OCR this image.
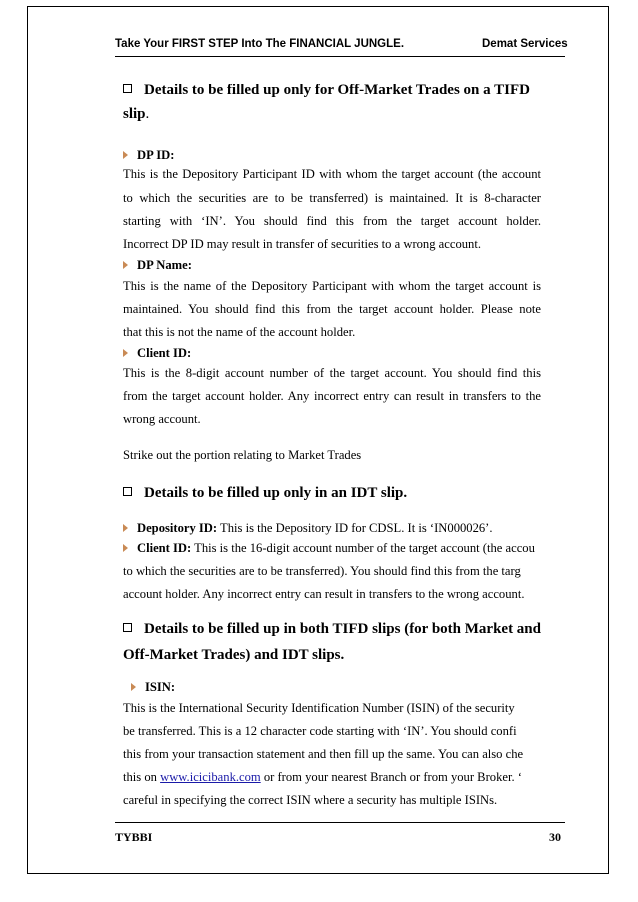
Take Your FIRST STEP Into The FINANCIAL JUNGLE.	Demat Services
Details to be filled up only for Off-Market Trades on a TIFD
slip.
DP ID:
This is the Depository Participant ID with whom the target account (the account
to which the securities are to be transferred) is maintained. It is 8-character
starting with ‘IN’. You should find this from the target account holder.
Incorrect DP ID may result in transfer of securities to a wrong account.
DP Name:
This is the name of the Depository Participant with whom the target account is
maintained. You should find this from the target account holder. Please note
that this is not the name of the account holder.
Client ID:
This is the 8-digit account number of the target account. You should find this
from the target account holder. Any incorrect entry can result in transfers to the
wrong account.
Strike out the portion relating to Market Trades
Details to be filled up only in an IDT slip.
Depository ID: This is the Depository ID for CDSL. It is ‘IN000026’.
Client ID: This is the 16-digit account number of the target account (the accou
to which the securities are to be transferred). You should find this from the targ
account holder. Any incorrect entry can result in transfers to the wrong account.
Details to be filled up in both TIFD slips (for both Market and
Off-Market Trades) and IDT slips.
ISIN:
This is the International Security Identification Number (ISIN) of the security
be transferred. This is a 12 character code starting with ‘IN’. You should confi
this from your transaction statement and then fill up the same. You can also che
this on www.icicibank.com or from your nearest Branch or from your Broker. ‘
careful in specifying the correct ISIN where a security has multiple ISINs.
TYBBI	30
